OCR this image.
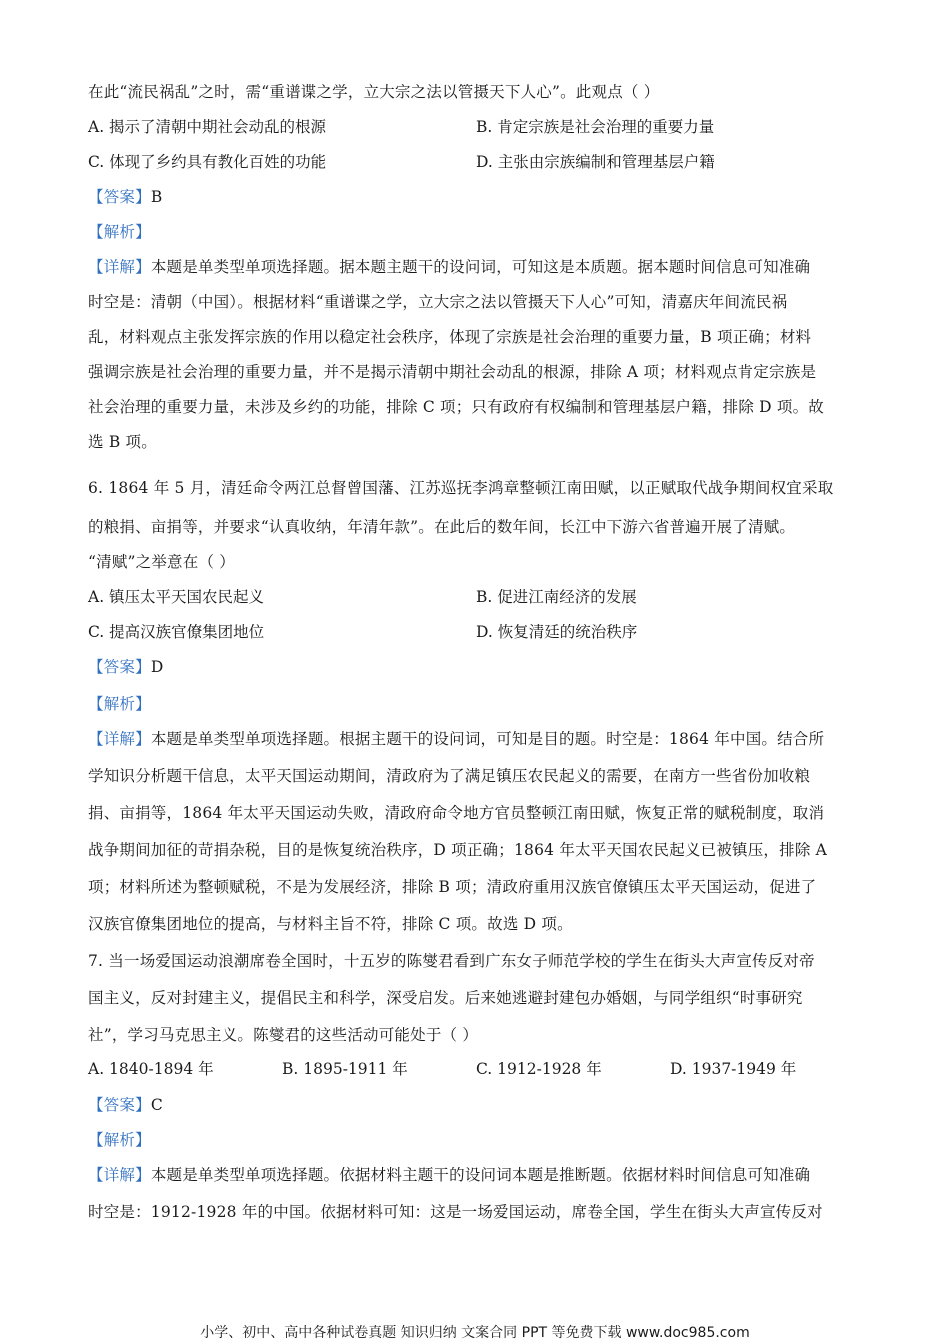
在此“流民祸乱”之时，需“重谱谍之学，立大宗之法以管摄天下人心”。此观点（ ）
A. 揭示了清朝中期社会动乱的根源	B. 肯定宗族是社会治理的重要力量
C. 体现了乡约具有教化百姓的功能	D. 主张由宗族编制和管理基层户籍
【答案】B
【解析】
【详解】本题是单类型单项选择题。据本题主题干的设问词，可知这是本质题。据本题时间信息可知准确
时空是：清朝（中国）。根据材料“重谱谍之学，立大宗之法以管摄天下人心”可知，清嘉庆年间流民祸
乱，材料观点主张发挥宗族的作用以稳定社会秩序，体现了宗族是社会治理的重要力量，B 项正确；材料
强调宗族是社会治理的重要力量，并不是揭示清朝中期社会动乱的根源，排除 A 项；材料观点肯定宗族是
社会治理的重要力量，未涉及乡约的功能，排除 C 项；只有政府有权编制和管理基层户籍，排除 D 项。故
选 B 项。
6. 1864 年 5 月，清廷命令两江总督曾国藩、江苏巡抚李鸿章整顿江南田赋，以正赋取代战争期间权宜采取
的粮捐、亩捐等，并要求“认真收纳，年清年款”。在此后的数年间，长江中下游六省普遍开展了清赋。
“清赋”之举意在（ ）
A. 镇压太平天国农民起义	B. 促进江南经济的发展
C. 提高汉族官僚集团地位	D. 恢复清廷的统治秩序
【答案】D
【解析】
【详解】本题是单类型单项选择题。根据主题干的设问词，可知是目的题。时空是：1864 年中国。结合所
学知识分析题干信息，太平天国运动期间，清政府为了满足镇压农民起义的需要，在南方一些省份加收粮
捐、亩捐等，1864 年太平天国运动失败，清政府命令地方官员整顿江南田赋，恢复正常的赋税制度，取消
战争期间加征的苛捐杂税，目的是恢复统治秩序，D 项正确；1864 年太平天国农民起义已被镇压，排除 A
项；材料所述为整顿赋税，不是为发展经济，排除 B 项；清政府重用汉族官僚镇压太平天国运动，促进了
汉族官僚集团地位的提高，与材料主旨不符，排除 C 项。故选 D 项。
7. 当一场爱国运动浪潮席卷全国时，十五岁的陈燮君看到广东女子师范学校的学生在街头大声宣传反对帝
国主义，反对封建主义，提倡民主和科学，深受启发。后来她逃避封建包办婚姻，与同学组织“时事研究
社”，学习马克思主义。陈燮君的这些活动可能处于（ ）
A. 1840-1894 年	B. 1895-1911 年	C. 1912-1928 年	D. 1937-1949 年
【答案】C
【解析】
【详解】本题是单类型单项选择题。依据材料主题干的设问词本题是推断题。依据材料时间信息可知准确
时空是：1912-1928 年的中国。依据材料可知：这是一场爱国运动，席卷全国，学生在街头大声宣传反对
小学、初中、高中各种试卷真题 知识归纳 文案合同 PPT 等免费下载 www.doc985.com
